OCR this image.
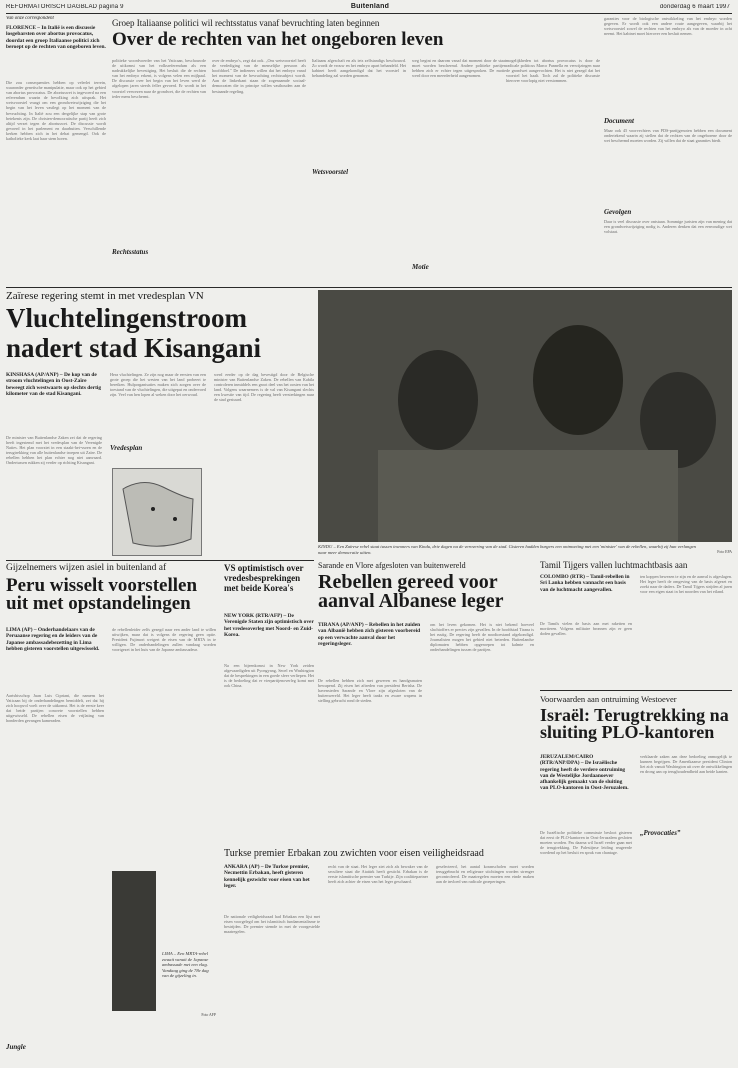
REFORMATORISCH DAGBLAD pagina 9	Buitenland	donderdag 6 maart 1997
Van onze correspondent
FLORENCE – In Italië is een discussie losgebarsten over abortus provocatus, doordat een groep Italiaanse politici zich beroept op de rechten van ongeboren leven.
Die zou consequenties hebben op velerlei terrein, waaronder genetische manipulatie, maar ook op het gebied van abortus provocatus. De abortuswet is ingevoerd na een referendum waarin de bevolking zich uitsprak. Het wetsvoorstel vraagt om een grondwetswijziging die het begin van het leven vastlegt op het moment van de bevruchting. In Italië zou een dergelijke stap van grote betekenis zijn. De christen-democratische partij heeft zich altijd verzet tegen de abortuswet. De discussie wordt gevoerd in het parlement en daarbuiten. Verschillende kerken hebben zich in het debat gemengd. Ook de katholieke kerk laat haar stem horen.
Groep Italiaanse politici wil rechtsstatus vanaf bevruchting laten beginnen
Over de rechten van het ongeboren leven
politieke woordvoerder van het Vaticaan, beschouwde de uitkomst van het volksreferendum als een nadrukkelijke bevestiging. Het besluit die de rechten van het embryo erkent, is volgens velen een mijlpaal. De discussie over het begin van het leven werd de afgelopen jaren steeds feller gevoerd. Er wordt in het voorstel verwezen naar de grondwet, die de rechten van ieder mens beschermt.
Rechtsstatus
over de embryo's, zegt dat ook. „Ons wetsvoorstel heeft de verdediging van de menselijke persoon als hoofddoel." De indieners willen dat het embryo vanaf het moment van de bevruchting rechtssubject wordt. Aan de linkerkant staan de zogenaamde sociaal-democraten die in principe willen vasthouden aan de bestaande regeling.
Italiaans afgeschaft en als iets zelfstandigs beschouwd. Zo wordt de vrouw en het embryo apart behandeld. Het kabinet heeft aangekondigd dat het voorstel in behandeling zal worden genomen.
Wetsvoorstel
weg begint en daarom vanaf dat moment door de staat moet worden beschermd. Andere politieke partijen hebben zich er echter tegen uitgesproken. De motie werd door een meerderheid aangenomen.
Motie
mogelijkheden tot abortus provocatus is door de radicale politicus Marco Pannella en verwijzingen naar de grondwet aangevochten. Het is niet gezegd dat het voorstel het haalt. Toch zal de politieke discussie hierover voorlopig niet verstommen.
garanties voor de biologische ontwikkeling van het embryo worden gegeven. Er wordt ook een andere route aangegeven, waarbij het wetsvoorstel zowel de rechten van het embryo als van de moeder in acht neemt. Het kabinet moet hierover een besluit nemen.
Document
Maar ook 45 voorvechters van PDS-partijgenoten hebben een document ondertekend waarin zij stellen dat de rechten van de ongeborene door de wet beschermd moeten worden. Zij willen dat de staat garanties biedt.
Gevolgen
Daar is veel discussie over ontstaan. Sommige juristen zijn van mening dat een grondwetswijziging nodig is. Anderen denken dat een eenvoudige wet volstaat.
Zaïrese regering stemt in met vredesplan VN
Vluchtelingenstroom
nadert stad Kisangani
KINSHASA (AP/ANP) – De kop van de stroom vluchtelingen in Oost-Zaïre beweegt zich westwaarts op slechts dertig kilometer van de stad Kisangani.
De minister van Buitenlandse Zaken zei dat de regering heeft ingestemd met het vredesplan van de Verenigde Naties. Het plan voorziet in een staakt-het-vuren en de terugtrekking van alle buitenlandse troepen uit Zaïre. De rebellen hebben het plan echter nog niet aanvaard. Ondertussen rukken zij verder op richting Kisangani.
Hera vluchtelingen. Ze zijn nog maar de eersten van een grote groep die het westen van het land probeert te bereiken. Hulporganisaties maken zich zorgen over de toestand van de vluchtelingen, die uitgeput en ondervoed zijn. Veel van hen lopen al weken door het oerwoud.
Vredesplan
werd eerder op de dag bevestigd door de Belgische minister van Buitenlandse Zaken. De rebellen van Kabila controleren inmiddels een groot deel van het oosten van het land. Volgens waarnemers is de val van Kisangani slechts een kwestie van tijd. De regering heeft versterkingen naar de stad gestuurd.
KINDU – Een Zaïrese rebel staat tussen inwoners van Kindu, drie dagen na de verovering van de stad. Gisteren hadden burgers een ontmoeting met een 'minister' van de rebellen, waarbij zij hun verlangen naar meer democratie uitten.	Foto EPA
Sarande en Vlore afgesloten van buitenwereld
Rebellen gereed voor aanval Albanese leger
TIRANA (AP/ANP) – Rebellen in het zuiden van Albanië hebben zich gisteren voorbereid op een verwachte aanval door het regeringsleger.
De rebellen hebben zich met geweren en handgranaten bewapend. Zij eisen het aftreden van president Berisha. De havensteden Sarande en Vlore zijn afgesloten van de buitenwereld. Het leger heeft tanks en zware wapens in stelling gebracht rond de steden.
om het leven gekomen. Het is niet bekend hoeveel slachtoffers er precies zijn gevallen. In de hoofdstad Tirana is het rustig. De regering heeft de noodtoestand afgekondigd. Journalisten mogen het gebied niet betreden. Buitenlandse diplomaten hebben opgeroepen tot kalmte en onderhandelingen tussen de partijen.
Tamil Tijgers vallen luchtmachtbasis aan
COLOMBO (RTR) – Tamil-rebellen in Sri Lanka hebben vannacht een basis van de luchtmacht aangevallen.
De Tamils vielen de basis aan met raketten en mortieren. Volgens militaire bronnen zijn er geen doden gevallen.
ten koppen bewezen te zijn en de aanval is afgeslagen. Het leger heeft de omgeving van de basis afgezet en zoekt naar de daders. De Tamil Tijgers strijden al jaren voor een eigen staat in het noorden van het eiland.
Voorwaarden aan ontruiming Westoever
Israël: Terugtrekking na sluiting PLO-kantoren
JERUZALEM/CAIRO (RTR/ANP/DPA) – De Israëlische regering heeft de verdere ontruiming van de Westelijke Jordaanoever afhankelijk gemaakt van de sluiting van PLO-kantoren in Oost-Jeruzalem.
De Israëlische politieke commissie besloot gisteren dat eerst de PLO-kantoren in Oost-Jeruzalem gesloten moeten worden. Pas daarna wil Israël verder gaan met de terugtrekking. De Palestijnse leiding reageerde woedend op het besluit en sprak van chantage.
verklaarde zaken aan deze bedoeling onmogelijk te kunnen begrijpen. De Amerikaanse president Clinton liet zich vanuit Washington uit over de ontwikkelingen en drong aan op terughoudendheid aan beide kanten.
„Provocaties”
Gijzelnemers wijzen asiel in buitenland af
Peru wisselt voorstellen uit met opstandelingen
LIMA (AP) – Onderhandelaars van de Peruaanse regering en de leiders van de Japanse ambassadebezetting in Lima hebben gisteren voorstellen uitgewisseld.
Aartsbisschop Juan Luis Cipriani, die namens het Vaticaan bij de onderhandelingen bemiddelt, zei dat hij zich hoopvol voelt over de uitkomst. Het is de eerste keer dat beide partijen concrete voorstellen hebben uitgewisseld. De rebellen eisen de vrijlating van honderden gevangen kameraden.
Jungle
de rebellenleider zelfs gezegd naar een ander land te willen uitwijken, maar dat is volgens de regering geen optie. President Fujimori weigert de eisen van de MRTA in te willigen. De onderhandelingen zullen vandaag worden voortgezet in het huis van de Japanse ambassadeur.
LIMA – Een MRTA-rebel zwaait vanuit de Japanse ambassade met een vlag. Vandaag ging de 78e dag van de gijzeling in.
Foto AFP
VS optimistisch over vredesbesprekingen met beide Korea's
NEW YORK (RTR/AFP) – De Verenigde Staten zijn optimistisch over het vredesoverleg met Noord- en Zuid-Korea.
Na een bijeenkomst in New York zeiden afgevaardigden uit Pyongyang, Seoel en Washington dat de besprekingen in een goede sfeer verliepen. Het is de bedoeling dat er vierpartijenoverleg komt met ook China.
Turkse premier Erbakan zou zwichten voor eisen veiligheidsraad
ANKARA (AP) – De Turkse premier, Necmettin Erbakan, heeft gisteren kennelijk gezwicht voor eisen van het leger.
De nationale veiligheidsraad had Erbakan een lijst met eisen voorgelegd om het islamitisch fundamentalisme te bestrijden. De premier stemde in met de voorgestelde maatregelen.
recht van de staat. Het leger ziet zich als bewaker van de seculiere staat die Atatürk heeft gesticht. Erbakan is de eerste islamitische premier van Turkije. Zijn coalitiepartner heeft zich achter de eisen van het leger geschaard.
geselecteerd, het aantal koranscholen moet worden teruggebracht en religieuze stichtingen worden strenger gecontroleerd. De maatregelen moeten een einde maken aan de invloed van radicale groeperingen.
